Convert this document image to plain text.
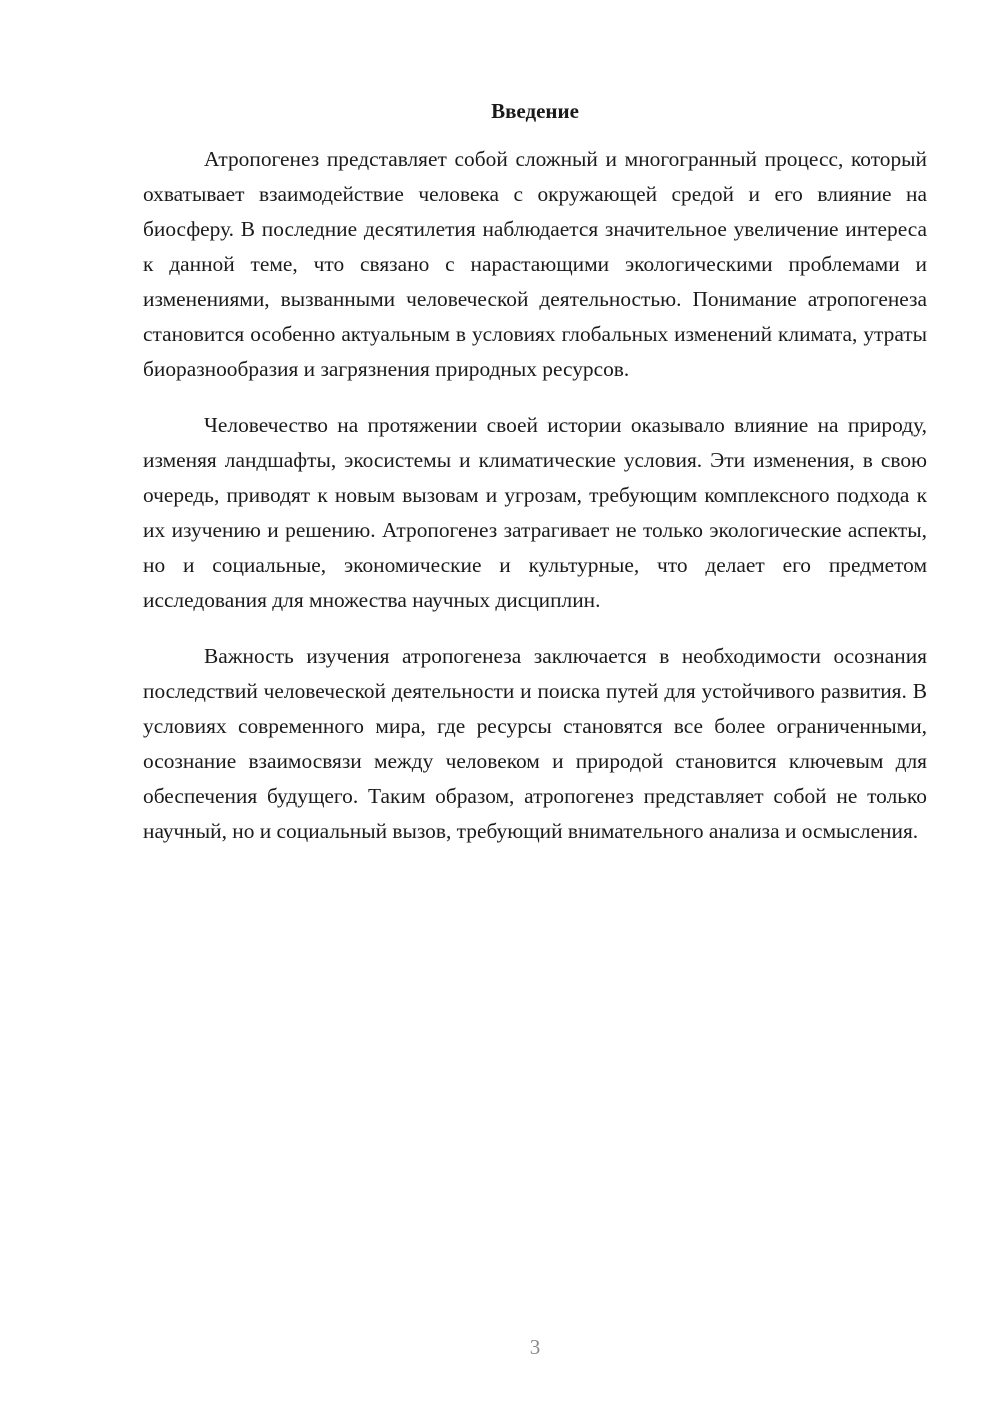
Введение

Атропогенез представляет собой сложный и многогранный процесс, который охватывает взаимодействие человека с окружающей средой и его влияние на биосферу. В последние десятилетия наблюдается значительное увеличение интереса к данной теме, что связано с нарастающими экологическими проблемами и изменениями, вызванными человеческой деятельностью. Понимание атропогенеза становится особенно актуальным в условиях глобальных изменений климата, утраты биоразнообразия и загрязнения природных ресурсов.

Человечество на протяжении своей истории оказывало влияние на природу, изменяя ландшафты, экосистемы и климатические условия. Эти изменения, в свою очередь, приводят к новым вызовам и угрозам, требующим комплексного подхода к их изучению и решению. Атропогенез затрагивает не только экологические аспекты, но и социальные, экономические и культурные, что делает его предметом исследования для множества научных дисциплин.

Важность изучения атропогенеза заключается в необходимости осознания последствий человеческой деятельности и поиска путей для устойчивого развития. В условиях современного мира, где ресурсы становятся все более ограниченными, осознание взаимосвязи между человеком и природой становится ключевым для обеспечения будущего. Таким образом, атропогенез представляет собой не только научный, но и социальный вызов, требующий внимательного анализа и осмысления.

3
